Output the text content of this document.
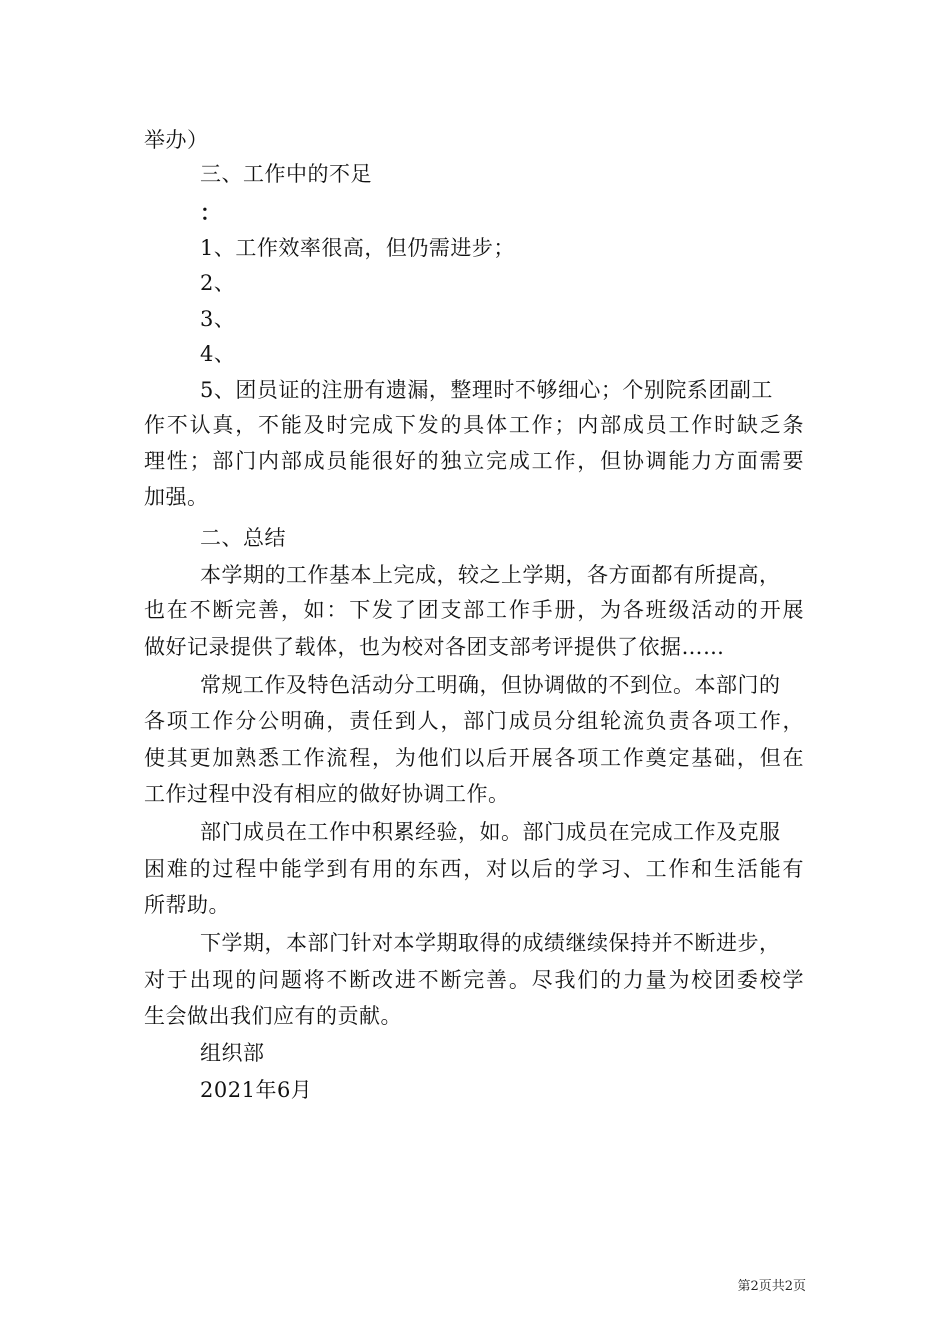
举办）
三、工作中的不足
：
1、工作效率很高，但仍需进步；
2、
3、
4、
5、团员证的注册有遗漏，整理时不够细心；个别院系团副工
作不认真，不能及时完成下发的具体工作；内部成员工作时缺乏条
理性；部门内部成员能很好的独立完成工作，但协调能力方面需要
加强。
二、总结
本学期的工作基本上完成，较之上学期，各方面都有所提高，
也在不断完善，如：下发了团支部工作手册，为各班级活动的开展
做好记录提供了载体，也为校对各团支部考评提供了依据……
常规工作及特色活动分工明确，但协调做的不到位。本部门的
各项工作分公明确，责任到人，部门成员分组轮流负责各项工作，
使其更加熟悉工作流程，为他们以后开展各项工作奠定基础，但在
工作过程中没有相应的做好协调工作。
部门成员在工作中积累经验，如。部门成员在完成工作及克服
困难的过程中能学到有用的东西，对以后的学习、工作和生活能有
所帮助。
下学期，本部门针对本学期取得的成绩继续保持并不断进步，
对于出现的问题将不断改进不断完善。尽我们的力量为校团委校学
生会做出我们应有的贡献。
组织部
2021年6月
第2页共2页
